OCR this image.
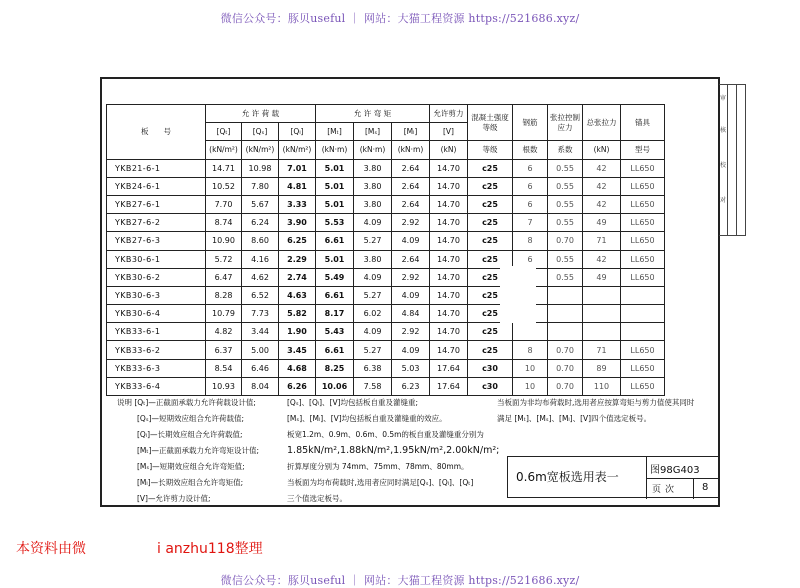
微信公众号：豚贝useful ｜ 网站：大猫工程资源 https://521686.xyz/
审
核
校
对
板　　号	允 许 荷 载			允 许 弯 矩			允许剪力	混凝土强度等级	钢筋	张拉控制应力	总张拉力	锚具
	[Qₜ]	[Qₛ]	[Qₗ]	[Mₜ]	[Mₛ]	[Mₗ]	[V]					
	(kN/m²)	(kN/m²)	(kN/m²)	(kN·m)	(kN·m)	(kN·m)	(kN)	等级	根数	系数	(kN)	型号
YKB21-6-1	14.71	10.98	7.01	5.01	3.80	2.64	14.70	c25	6	0.55	42	LL650
YKB24-6-1	10.52	7.80	4.81	5.01	3.80	2.64	14.70	c25	6	0.55	42	LL650
YKB27-6-1	7.70	5.67	3.33	5.01	3.80	2.64	14.70	c25	6	0.55	42	LL650
YKB27-6-2	8.74	6.24	3.90	5.53	4.09	2.92	14.70	c25	7	0.55	49	LL650
YKB27-6-3	10.90	8.60	6.25	6.61	5.27	4.09	14.70	c25	8	0.70	71	LL650
YKB30-6-1	5.72	4.16	2.29	5.01	3.80	2.64	14.70	c25	6	0.55	42	LL650
YKB30-6-2	6.47	4.62	2.74	5.49	4.09	2.92	14.70	c25		0.55	49	LL650
YKB30-6-3	8.28	6.52	4.63	6.61	5.27	4.09	14.70	c25				
YKB30-6-4	10.79	7.73	5.82	8.17	6.02	4.84	14.70	c25				
YKB33-6-1	4.82	3.44	1.90	5.43	4.09	2.92	14.70	c25				
YKB33-6-2	6.37	5.00	3.45	6.61	5.27	4.09	14.70	c25	8	0.70	71	LL650
YKB33-6-3	8.54	6.46	4.68	8.25	6.38	5.03	17.64	c30	10	0.70	89	LL650
YKB33-6-4	10.93	8.04	6.26	10.06	7.58	6.23	17.64	c30	10	0.70	110	LL650
说明 [Qₜ]—正截面承载力允许荷载设计值;
[Qₛ]—短期效应组合允许荷载值;
[Qₗ]—长期效应组合允许荷载值;
[Mₜ]—正截面承载力允许弯矩设计值;
[Mₛ]—短期效应组合允许弯矩值;
[Mₗ]—长期效应组合允许弯矩值;
[V]—允许剪力设计值;
[Qₛ]、[Qₗ]、[V]均包括板自重及灌缝重;
[Mₛ]、[Mₗ]、[V]均包括板自重及灌缝重的效应。
板宽1.2m、0.9m、0.6m、0.5m的板自重及灌缝重分别为
1.85kN/m²,1.88kN/m²,1.95kN/m²,2.00kN/m²;
折算厚度分别为 74mm、75mm、78mm、80mm。
当板面为均布荷载时,选用者应同时满足[Qₛ]、[Qₗ]、[Qₜ]
三个值选定板号。
当板面为非均布荷载时,选用者应按算弯矩与剪力值使其同时
满足 [Mₜ]、[Mₛ]、[Mₗ]、[V]四个值选定板号。
0.6m宽板选用表一	图98G403
页次 8
本资料由微	i anzhu118整理
微信公众号：豚贝useful ｜ 网站：大猫工程资源 https://521686.xyz/
